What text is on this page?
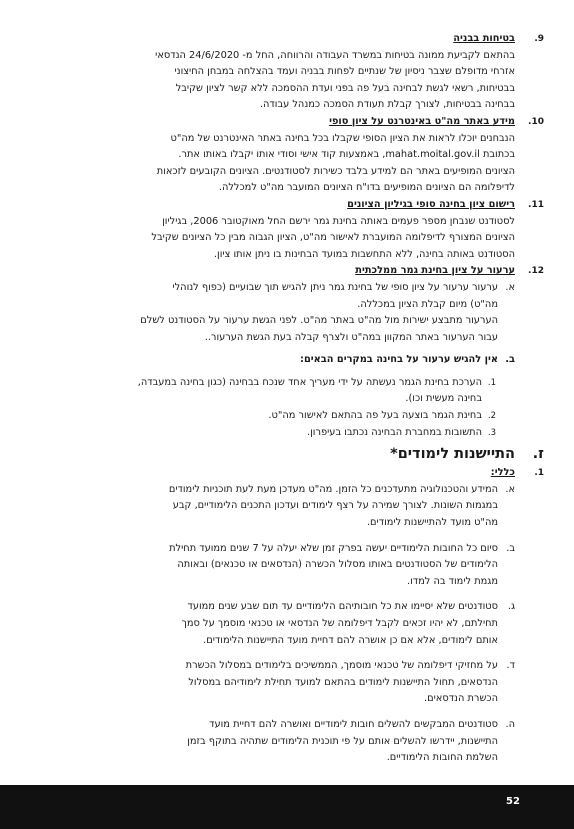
9.
בטיחות בבניה
בהתאם לקביעת ממונה בטיחות במשרד העבודה והרווחה, החל מ- 24/6/2020 הנדסאי
אזרחי מדופלם שצבר ניסיון של שנתיים לפחות בבניה ועמד בהצלחה במבחן החיצוני
בבטיחות, רשאי לגשת לבחינה בעל פה בפני ועדת ההסמכה ללא קשר לציון שקיבל
בבחינה בבטיחות, לצורך קבלת תעודת הסמכה כמנהל עבודה.
10.
מידע באתר מה"ט באינטרנט על ציון סופי
הנבחנים יוכלו לראות את הציון הסופי שקבלו בכל בחינה באתר האינטרנט של מה"ט
בכתובת mahat.moital.gov.il, באמצעות קוד אישי וסודי אותו יקבלו באותו אתר.
הציונים המופיעים באתר הם למידע בלבד כשירות לסטודנטים. הציונים הקובעים לזכאות
לדיפלומה הם הציונים המופיעים בדו"ח הציונים המועבר מה"ט למכללה.
11.
רישום ציון בחינה סופי בגיליון הציונים
לסטודנט שנבחן מספר פעמים באותה בחינת גמר ירשם החל מאוקטובר 2006, בגיליון
הציונים המצורף לדיפלומה המועברת לאישור מה"ט, הציון הגבוה מבין כל הציונים שקיבל
הסטודנט באותה בחינה, ללא התחשבות במועד הבחינות בו ניתן אותו ציון.
12.
ערעור על ציון בחינת גמר ממלכתית
א.
ערעור ערעור על ציון סופי של בחינת גמר ניתן להגיש תוך שבועיים (כפוף לנוהלי
מה"ט) מיום קבלת הציון במכללה.
הערעור מתבצע ישירות מול מה"ט באתר מה"ט. לפני הגשת ערעור על הסטודנט לשלם
עבור הערעור באתר המקוון במה"ט ולצרף קבלה בעת הגשת הערעור..
ב.
אין להגיש ערעור על בחינה במקרים הבאים:
1.
הערכת בחינת הגמר נעשתה על ידי מעריך אחד שנכח בבחינה (כגון בחינה במעבדה,
בחינה מעשית וכו).
2.
בחינת הגמר בוצעה בעל פה בהתאם לאישור מה"ט.
3.
התשובות במחברת הבחינה נכתבו בעיפרון.
ז.
התיישנות לימודים*
1.
כללי:
א.
המידע והטכנולוגיה מתעדכנים כל הזמן. מה"ט מעדכן מעת לעת תוכניות לימודים
במגמות השונות. לצורך שמירה על רצף לימודים ועדכון התכנים הלימודיים, קבע
מה"ט מועד להתיישנות לימודים.
ב.
סיום כל החובות הלימודיים יעשה בפרק זמן שלא יעלה על 7 שנים ממועד תחילת
הלימודים של הסטודנטים באותו מסלול הכשרה (הנדסאים או טכנאים) ובאותה
מגמת לימוד בה למדו.
ג.
סטודנטים שלא יסיימו את כל חובותיהם הלימודיים עד תום שבע שנים ממועד
תחילתם, לא יהיו זכאים לקבל דיפלומה של הנדסאי או טכנאי מוסמך על סמך
אותם לימודים, אלא אם כן אושרה להם דחיית מועד התיישנות הלימודים.
ד.
על מחזיקי דיפלומה של טכנאי מוסמך, הממשיכים בלימודים במסלול הכשרת
הנדסאים, תחול התיישנות לימודים בהתאם למועד תחילת לימודיהם במסלול
הכשרת הנדסאים.
ה.
סטודנטים המבקשים להשלים חובות לימודיים ואושרה להם דחיית מועד
התיישנות, יידרשו להשלים אותם על פי תוכנית הלימודים שתהיה בתוקף בזמן
השלמת החובות הלימודיים.
52
